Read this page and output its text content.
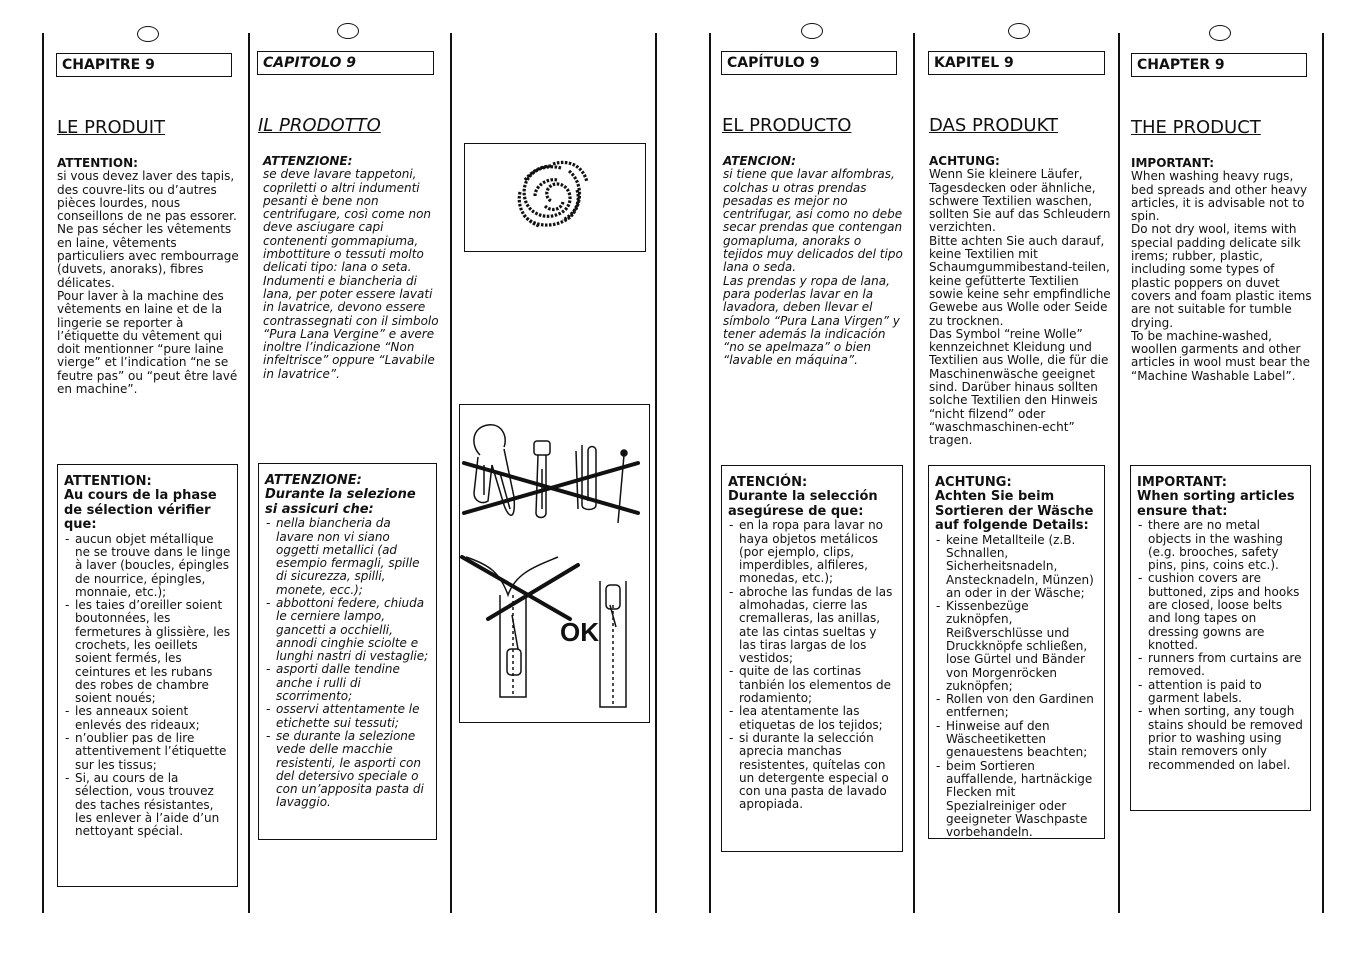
CHAPITRE 9
LE PRODUIT
ATTENTION:
si vous devez laver des tapis, des couvre-lits ou d’autres pièces lourdes, nous conseillons de ne pas essorer.
Ne pas sécher les vêtements en laine, vêtements particuliers avec rembourrage (duvets, anoraks), fibres délicates.
Pour laver à la machine des vêtements en laine et de la lingerie se reporter à l’étiquette du vêtement qui doit mentionner “pure laine vierge” et l’indication “ne se feutre pas” ou “peut être lavé en machine”.
ATTENTION:
Au cours de la phase de sélection vérifier que:
- aucun objet métallique ne se trouve dans le linge à laver (boucles, épingles de nourrice, épingles, monnaie, etc.);
- les taies d’oreiller soient boutonnées, les fermetures à glissière, les crochets, les oeillets soient fermés, les ceintures et les rubans des robes de chambre soient noués;
- les anneaux soient enlevés des rideaux;
- n’oublier pas de lire attentivement l’étiquette sur les tissus;
- Si, au cours de la sélection, vous trouvez des taches résistantes, les enlever à l’aide d’un nettoyant spécial.
CAPITOLO 9
IL PRODOTTO
ATTENZIONE:
se deve lavare tappetoni, copriletti o altri indumenti pesanti è bene non centrifugare, così come non deve asciugare capi contenenti gommapiuma, imbottiture o tessuti molto delicati tipo: lana o seta.
Indumenti e biancheria di lana, per poter essere lavati in lavatrice, devono essere contrassegnati con il simbolo “Pura Lana Vergine” e avere inoltre l’indicazione “Non infeltrisce” oppure “Lavabile in lavatrice”.
ATTENZIONE:
Durante la selezione si assicuri che:
- nella biancheria da lavare non vi siano oggetti metallici (ad esempio fermagli, spille di sicurezza, spilli, monete, ecc.);
- abbottoni federe, chiuda le cerniere lampo, gancetti a occhielli, annodi cinghie sciolte e lunghi nastri di vestaglie;
- asporti dalle tendine anche i rulli di scorrimento;
- osservi attentamente le etichette sui tessuti;
- se durante la selezione vede delle macchie resistenti, le asporti con del detersivo speciale o con un’apposita pasta di lavaggio.
OK
CAPÍTULO 9
EL PRODUCTO
ATENCION:
si tiene que lavar alfombras, colchas u otras prendas pesadas es mejor no centrifugar, asi como no debe secar prendas que contengan gomapluma, anoraks o tejidos muy delicados del tipo lana o seda.
Las prendas y ropa de lana, para poderlas lavar en la lavadora, deben llevar el símbolo “Pura Lana Virgen” y tener además la indicación “no se apelmaza” o bien “lavable en máquina”.
ATENCIÓN:
Durante la selección asegúrese de que:
- en la ropa para lavar no haya objetos metálicos (por ejemplo, clips, imperdibles, alfileres, monedas, etc.);
- abroche las fundas de las almohadas, cierre las cremalleras, las anillas, ate las cintas sueltas y las tiras largas de los vestidos;
- quite de las cortinas tanbién los elementos de rodamiento;
- lea atentamente las etiquetas de los tejidos;
- si durante la selección aprecia manchas resistentes, quítelas con un detergente especial o con una pasta de lavado apropiada.
KAPITEL 9
DAS PRODUKT
ACHTUNG:
Wenn Sie kleinere Läufer, Tagesdecken oder ähnliche, schwere Textilien waschen, sollten Sie auf das Schleudern verzichten.
Bitte achten Sie auch darauf, keine Textilien mit Schaumgummibestand-teilen, keine gefütterte Textilien sowie keine sehr empfindliche Gewebe aus Wolle oder Seide zu trocknen.
Das Symbol “reine Wolle” kennzeichnet Kleidung und Textilien aus Wolle, die für die Maschinenwäsche geeignet sind. Darüber hinaus sollten solche Textilien den Hinweis “nicht filzend” oder “waschmaschinen-echt” tragen.
ACHTUNG:
Achten Sie beim Sortieren der Wäsche auf folgende Details:
- keine Metallteile (z.B. Schnallen, Sicherheitsnadeln, Anstecknadeln, Münzen) an oder in der Wäsche;
- Kissenbezüge zuknöpfen, Reißverschlüsse und Druckknöpfe schließen, lose Gürtel und Bänder von Morgenröcken zuknöpfen;
- Rollen von den Gardinen entfernen;
- Hinweise auf den Wäscheetiketten genauestens beachten;
- beim Sortieren auffallende, hartnäckige Flecken mit Spezialreiniger oder geeigneter Waschpaste vorbehandeln.
CHAPTER 9
THE PRODUCT
IMPORTANT:
When washing heavy rugs, bed spreads and other heavy articles, it is advisable not to spin.
Do not dry wool, items with special padding delicate silk irems; rubber, plastic, including some types of plastic poppers on duvet covers and foam plastic items are not suitable for tumble drying.
To be machine-washed, woollen garments and other articles in wool must bear the “Machine Washable Label”.
IMPORTANT:
When sorting articles ensure that:
- there are no metal objects in the washing (e.g. brooches, safety pins, pins, coins etc.).
- cushion covers are buttoned, zips and hooks are closed, loose belts and long tapes on dressing gowns are knotted.
- runners from curtains are removed.
- attention is paid to garment labels.
- when sorting, any tough stains should be removed prior to washing using stain removers only recommended on label.
